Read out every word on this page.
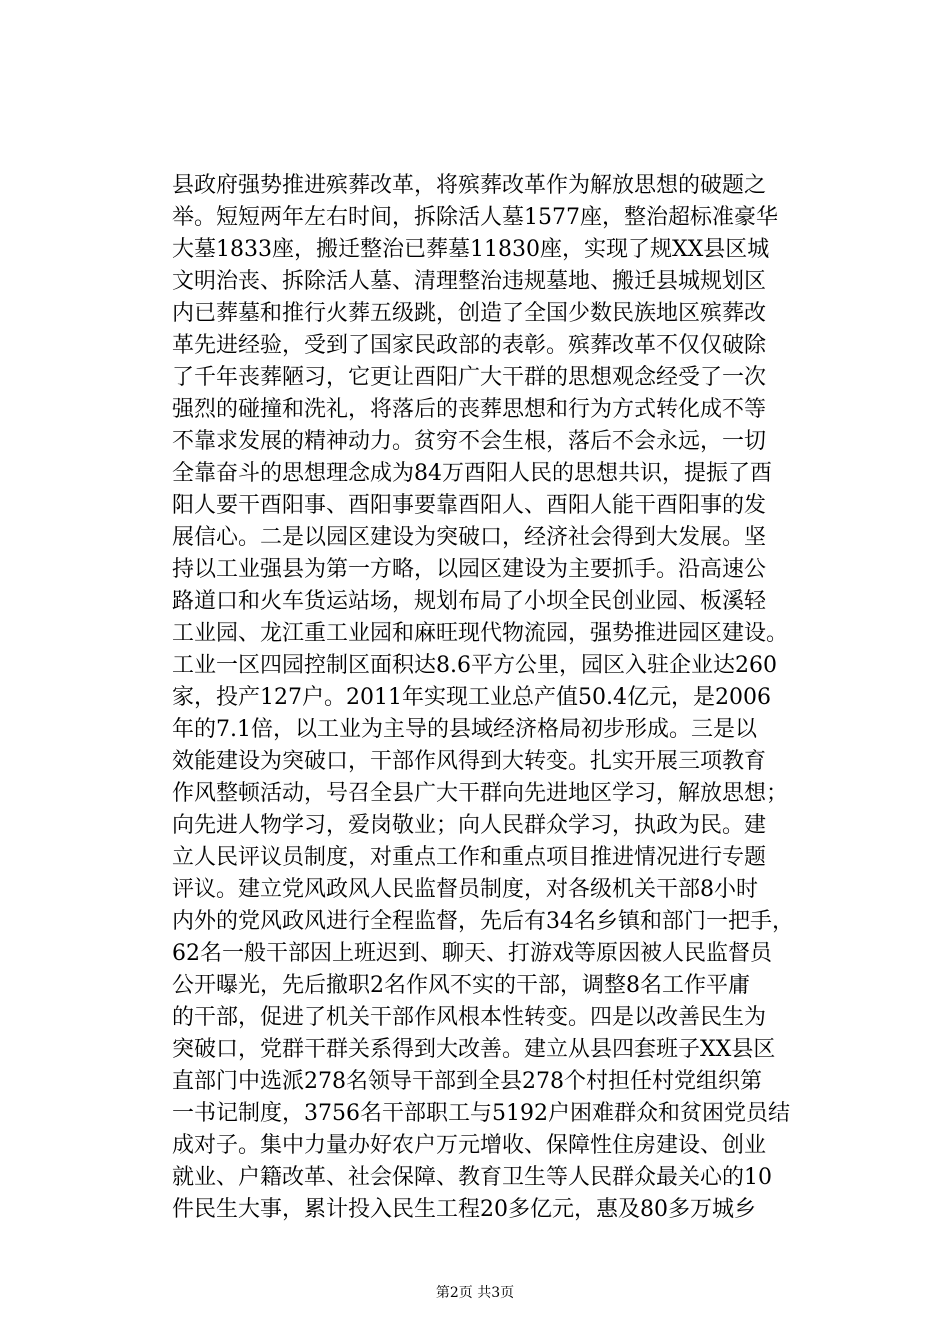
县政府强势推进殡葬改革，将殡葬改革作为解放思想的破题之
举。短短两年左右时间，拆除活人墓1577座，整治超标准豪华
大墓1833座，搬迁整治已葬墓11830座，实现了规XX县区城
文明治丧、拆除活人墓、清理整治违规墓地、搬迁县城规划区
内已葬墓和推行火葬五级跳，创造了全国少数民族地区殡葬改
革先进经验，受到了国家民政部的表彰。殡葬改革不仅仅破除
了千年丧葬陋习，它更让酉阳广大干群的思想观念经受了一次
强烈的碰撞和洗礼，将落后的丧葬思想和行为方式转化成不等
不靠求发展的精神动力。贫穷不会生根，落后不会永远，一切
全靠奋斗的思想理念成为84万酉阳人民的思想共识，提振了酉
阳人要干酉阳事、酉阳事要靠酉阳人、酉阳人能干酉阳事的发
展信心。二是以园区建设为突破口，经济社会得到大发展。坚
持以工业强县为第一方略，以园区建设为主要抓手。沿高速公
路道口和火车货运站场，规划布局了小坝全民创业园、板溪轻
工业园、龙江重工业园和麻旺现代物流园，强势推进园区建设。
工业一区四园控制区面积达8.6平方公里，园区入驻企业达260
家，投产127户。2011年实现工业总产值50.4亿元，是2006
年的7.1倍，以工业为主导的县域经济格局初步形成。三是以
效能建设为突破口，干部作风得到大转变。扎实开展三项教育
作风整顿活动，号召全县广大干群向先进地区学习，解放思想；
向先进人物学习，爱岗敬业；向人民群众学习，执政为民。建
立人民评议员制度，对重点工作和重点项目推进情况进行专题
评议。建立党风政风人民监督员制度，对各级机关干部8小时
内外的党风政风进行全程监督，先后有34名乡镇和部门一把手，
62名一般干部因上班迟到、聊天、打游戏等原因被人民监督员
公开曝光，先后撤职2名作风不实的干部，调整8名工作平庸
的干部，促进了机关干部作风根本性转变。四是以改善民生为
突破口，党群干群关系得到大改善。建立从县四套班子XX县区
直部门中选派278名领导干部到全县278个村担任村党组织第
一书记制度，3756名干部职工与5192户困难群众和贫困党员结
成对子。集中力量办好农户万元增收、保障性住房建设、创业
就业、户籍改革、社会保障、教育卫生等人民群众最关心的10
件民生大事，累计投入民生工程20多亿元，惠及80多万城乡
第2页 共3页
